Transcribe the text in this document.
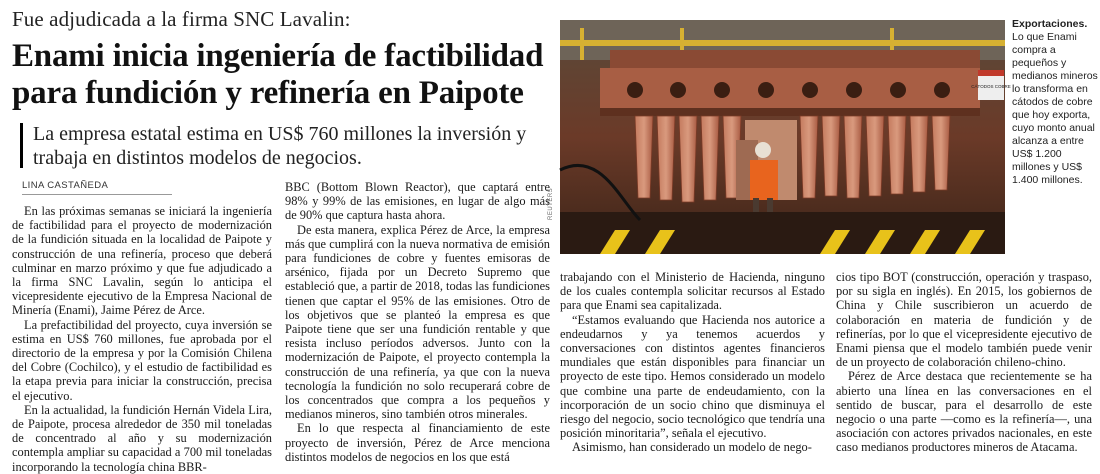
Fue adjudicada a la firma SNC Lavalin:
Enami inicia ingeniería de factibilidad para fundición y refinería en Paipote
La empresa estatal estima en US$ 760 millones la inversión y trabaja en distintos modelos de negocios.
LINA CASTAÑEDA

En las próximas semanas se iniciará la ingeniería de factibilidad para el proyecto de modernización de la fundición situada en la localidad de Paipote y construcción de una refinería, proceso que deberá culminar en marzo próximo y que fue adjudicado a la firma SNC Lavalin, según lo anticipa el vicepresidente ejecutivo de la Empresa Nacional de Minería (Enami), Jaime Pérez de Arce.

La prefactibilidad del proyecto, cuya inversión se estima en US$ 760 millones, fue aprobada por el directorio de la empresa y por la Comisión Chilena del Cobre (Cochilco), y el estudio de factibilidad es la etapa previa para iniciar la construcción, precisa el ejecutivo.

En la actualidad, la fundición Hernán Videla Lira, de Paipote, procesa alrededor de 350 mil toneladas de concentrado al año y su modernización contempla ampliar su capacidad a 700 mil toneladas incorporando la tecnología china BBR-

BBC (Bottom Blown Reactor), que captará entre 98% y 99% de las emisiones, en lugar de algo más de 90% que captura hasta ahora.

De esta manera, explica Pérez de Arce, la empresa más que cumplirá con la nueva normativa de emisión para fundiciones de cobre y fuentes emisoras de arsénico, fijada por un Decreto Supremo que estableció que, a partir de 2018, todas las fundiciones tienen que captar el 95% de las emisiones. Otro de los objetivos que se planteó la empresa es que Paipote tiene que ser una fundición rentable y que resista incluso períodos adversos. Junto con la modernización de Paipote, el proyecto contempla la construcción de una refinería, ya que con la nueva tecnología la fundición no solo recuperará cobre de los concentrados que compra a los pequeños y medianos mineros, sino también otros minerales.

En lo que respecta al financiamiento de este proyecto de inversión, Pérez de Arce menciona distintos modelos de negocios en los que está

CÁTODOS COBRE
REUTERS
Exportaciones.
Lo que Enami compra a pequeños y medianos mineros lo transforma en cátodos de cobre que hoy exporta, cuyo monto anual alcanza a entre US$ 1.200 millones y US$ 1.400 millones.

trabajando con el Ministerio de Hacienda, ninguno de los cuales contempla solicitar recursos al Estado para que Enami sea capitalizada.

“Estamos evaluando que Hacienda nos autorice a endeudarnos y ya tenemos acuerdos y conversaciones con distintos agentes financieros mundiales que están disponibles para financiar un proyecto de este tipo. Hemos considerado un modelo que combine una parte de endeudamiento, con la incorporación de un socio chino que disminuya el riesgo del negocio, socio tecnológico que tendría una posición minoritaria”, señala el ejecutivo.

Asimismo, han considerado un modelo de nego-

cios tipo BOT (construcción, operación y traspaso, por su sigla en inglés). En 2015, los gobiernos de China y Chile suscribieron un acuerdo de colaboración en materia de fundición y de refinerías, por lo que el vicepresidente ejecutivo de Enami piensa que el modelo también puede venir de un proyecto de colaboración chileno-chino.

Pérez de Arce destaca que recientemente se ha abierto una línea en las conversaciones en el sentido de buscar, para el desarrollo de este negocio o una parte —como es la refinería—, una asociación con actores privados nacionales, en este caso medianos productores mineros de Atacama.
